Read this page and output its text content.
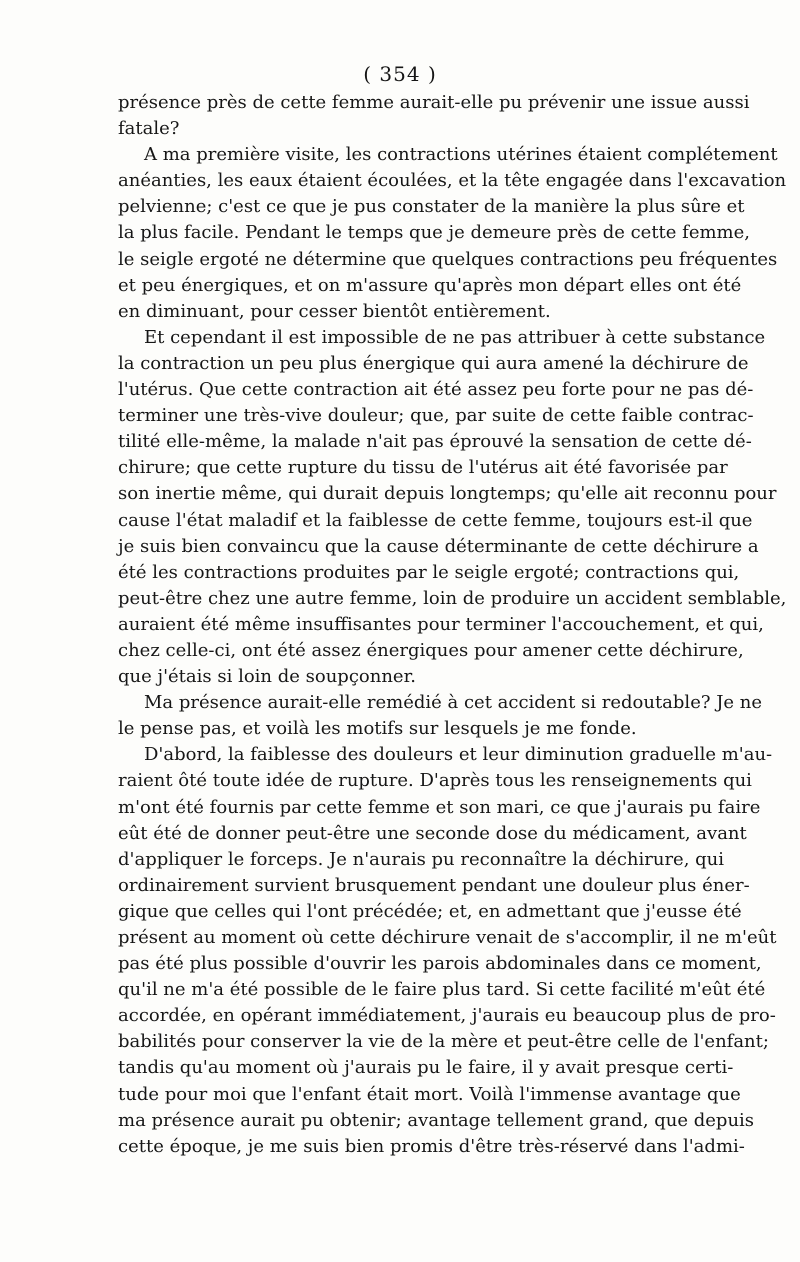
( 354 )
présence près de cette femme aurait-elle pu prévenir une issue aussi
fatale?
A ma première visite, les contractions utérines étaient complétement
anéanties, les eaux étaient écoulées, et la tête engagée dans l'excavation
pelvienne; c'est ce que je pus constater de la manière la plus sûre et
la plus facile. Pendant le temps que je demeure près de cette femme,
le seigle ergoté ne détermine que quelques contractions peu fréquentes
et peu énergiques, et on m'assure qu'après mon départ elles ont été
en diminuant, pour cesser bientôt entièrement.
Et cependant il est impossible de ne pas attribuer à cette substance
la contraction un peu plus énergique qui aura amené la déchirure de
l'utérus. Que cette contraction ait été assez peu forte pour ne pas dé-
terminer une très-vive douleur; que, par suite de cette faible contrac-
tilité elle-même, la malade n'ait pas éprouvé la sensation de cette dé-
chirure; que cette rupture du tissu de l'utérus ait été favorisée par
son inertie même, qui durait depuis longtemps; qu'elle ait reconnu pour
cause l'état maladif et la faiblesse de cette femme, toujours est-il que
je suis bien convaincu que la cause déterminante de cette déchirure a
été les contractions produites par le seigle ergoté; contractions qui,
peut-être chez une autre femme, loin de produire un accident semblable,
auraient été même insuffisantes pour terminer l'accouchement, et qui,
chez celle-ci, ont été assez énergiques pour amener cette déchirure,
que j'étais si loin de soupçonner.
Ma présence aurait-elle remédié à cet accident si redoutable? Je ne
le pense pas, et voilà les motifs sur lesquels je me fonde.
D'abord, la faiblesse des douleurs et leur diminution graduelle m'au-
raient ôté toute idée de rupture. D'après tous les renseignements qui
m'ont été fournis par cette femme et son mari, ce que j'aurais pu faire
eût été de donner peut-être une seconde dose du médicament, avant
d'appliquer le forceps. Je n'aurais pu reconnaître la déchirure, qui
ordinairement survient brusquement pendant une douleur plus éner-
gique que celles qui l'ont précédée; et, en admettant que j'eusse été
présent au moment où cette déchirure venait de s'accomplir, il ne m'eût
pas été plus possible d'ouvrir les parois abdominales dans ce moment,
qu'il ne m'a été possible de le faire plus tard. Si cette facilité m'eût été
accordée, en opérant immédiatement, j'aurais eu beaucoup plus de pro-
babilités pour conserver la vie de la mère et peut-être celle de l'enfant;
tandis qu'au moment où j'aurais pu le faire, il y avait presque certi-
tude pour moi que l'enfant était mort. Voilà l'immense avantage que
ma présence aurait pu obtenir; avantage tellement grand, que depuis
cette époque, je me suis bien promis d'être très-réservé dans l'admi-
